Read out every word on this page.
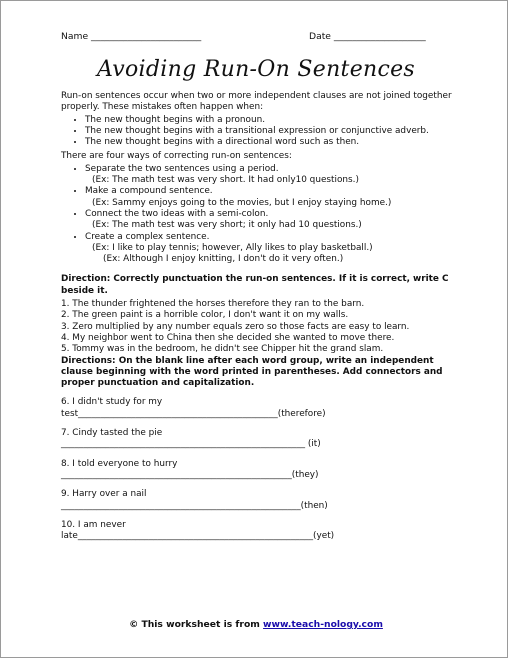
Name ________________________	Date ____________________
Avoiding Run-On Sentences

Run-on sentences occur when two or more independent clauses are not joined together properly. These mistakes often happen when:

• The new thought begins with a pronoun.
• The new thought begins with a transitional expression or conjunctive adverb.
• The new thought begins with a directional word such as then.

There are four ways of correcting run-on sentences:

• Separate the two sentences using a period.
(Ex: The math test was very short. It had only10 questions.)
• Make a compound sentence.
(Ex: Sammy enjoys going to the movies, but I enjoy staying home.)
• Connect the two ideas with a semi-colon.
(Ex: The math test was very short; it only had 10 questions.)
• Create a complex sentence.
(Ex: I like to play tennis; however, Ally likes to play basketball.)
(Ex: Although I enjoy knitting, I don't do it very often.)

Direction: Correctly punctuation the run-on sentences. If it is correct, write C beside it.

1. The thunder frightened the horses therefore they ran to the barn.
2. The green paint is a horrible color, I don't want it on my walls.
3. Zero multiplied by any number equals zero so those facts are easy to learn.
4. My neighbor went to China then she decided she wanted to move there.
5. Tommy was in the bedroom, he didn't see Chipper hit the grand slam.

Directions: On the blank line after each word group, write an independent clause beginning with the word printed in parentheses. Add connectors and proper punctuation and capitalization.

6. I didn't study for my
test_____________________________________________(therefore)
7. Cindy tasted the pie
_______________________________________________________ (it)
8. I told everyone to hurry
____________________________________________________(they)
9. Harry over a nail
______________________________________________________(then)
10. I am never
late_____________________________________________________(yet)
© This worksheet is from www.teach-nology.com
